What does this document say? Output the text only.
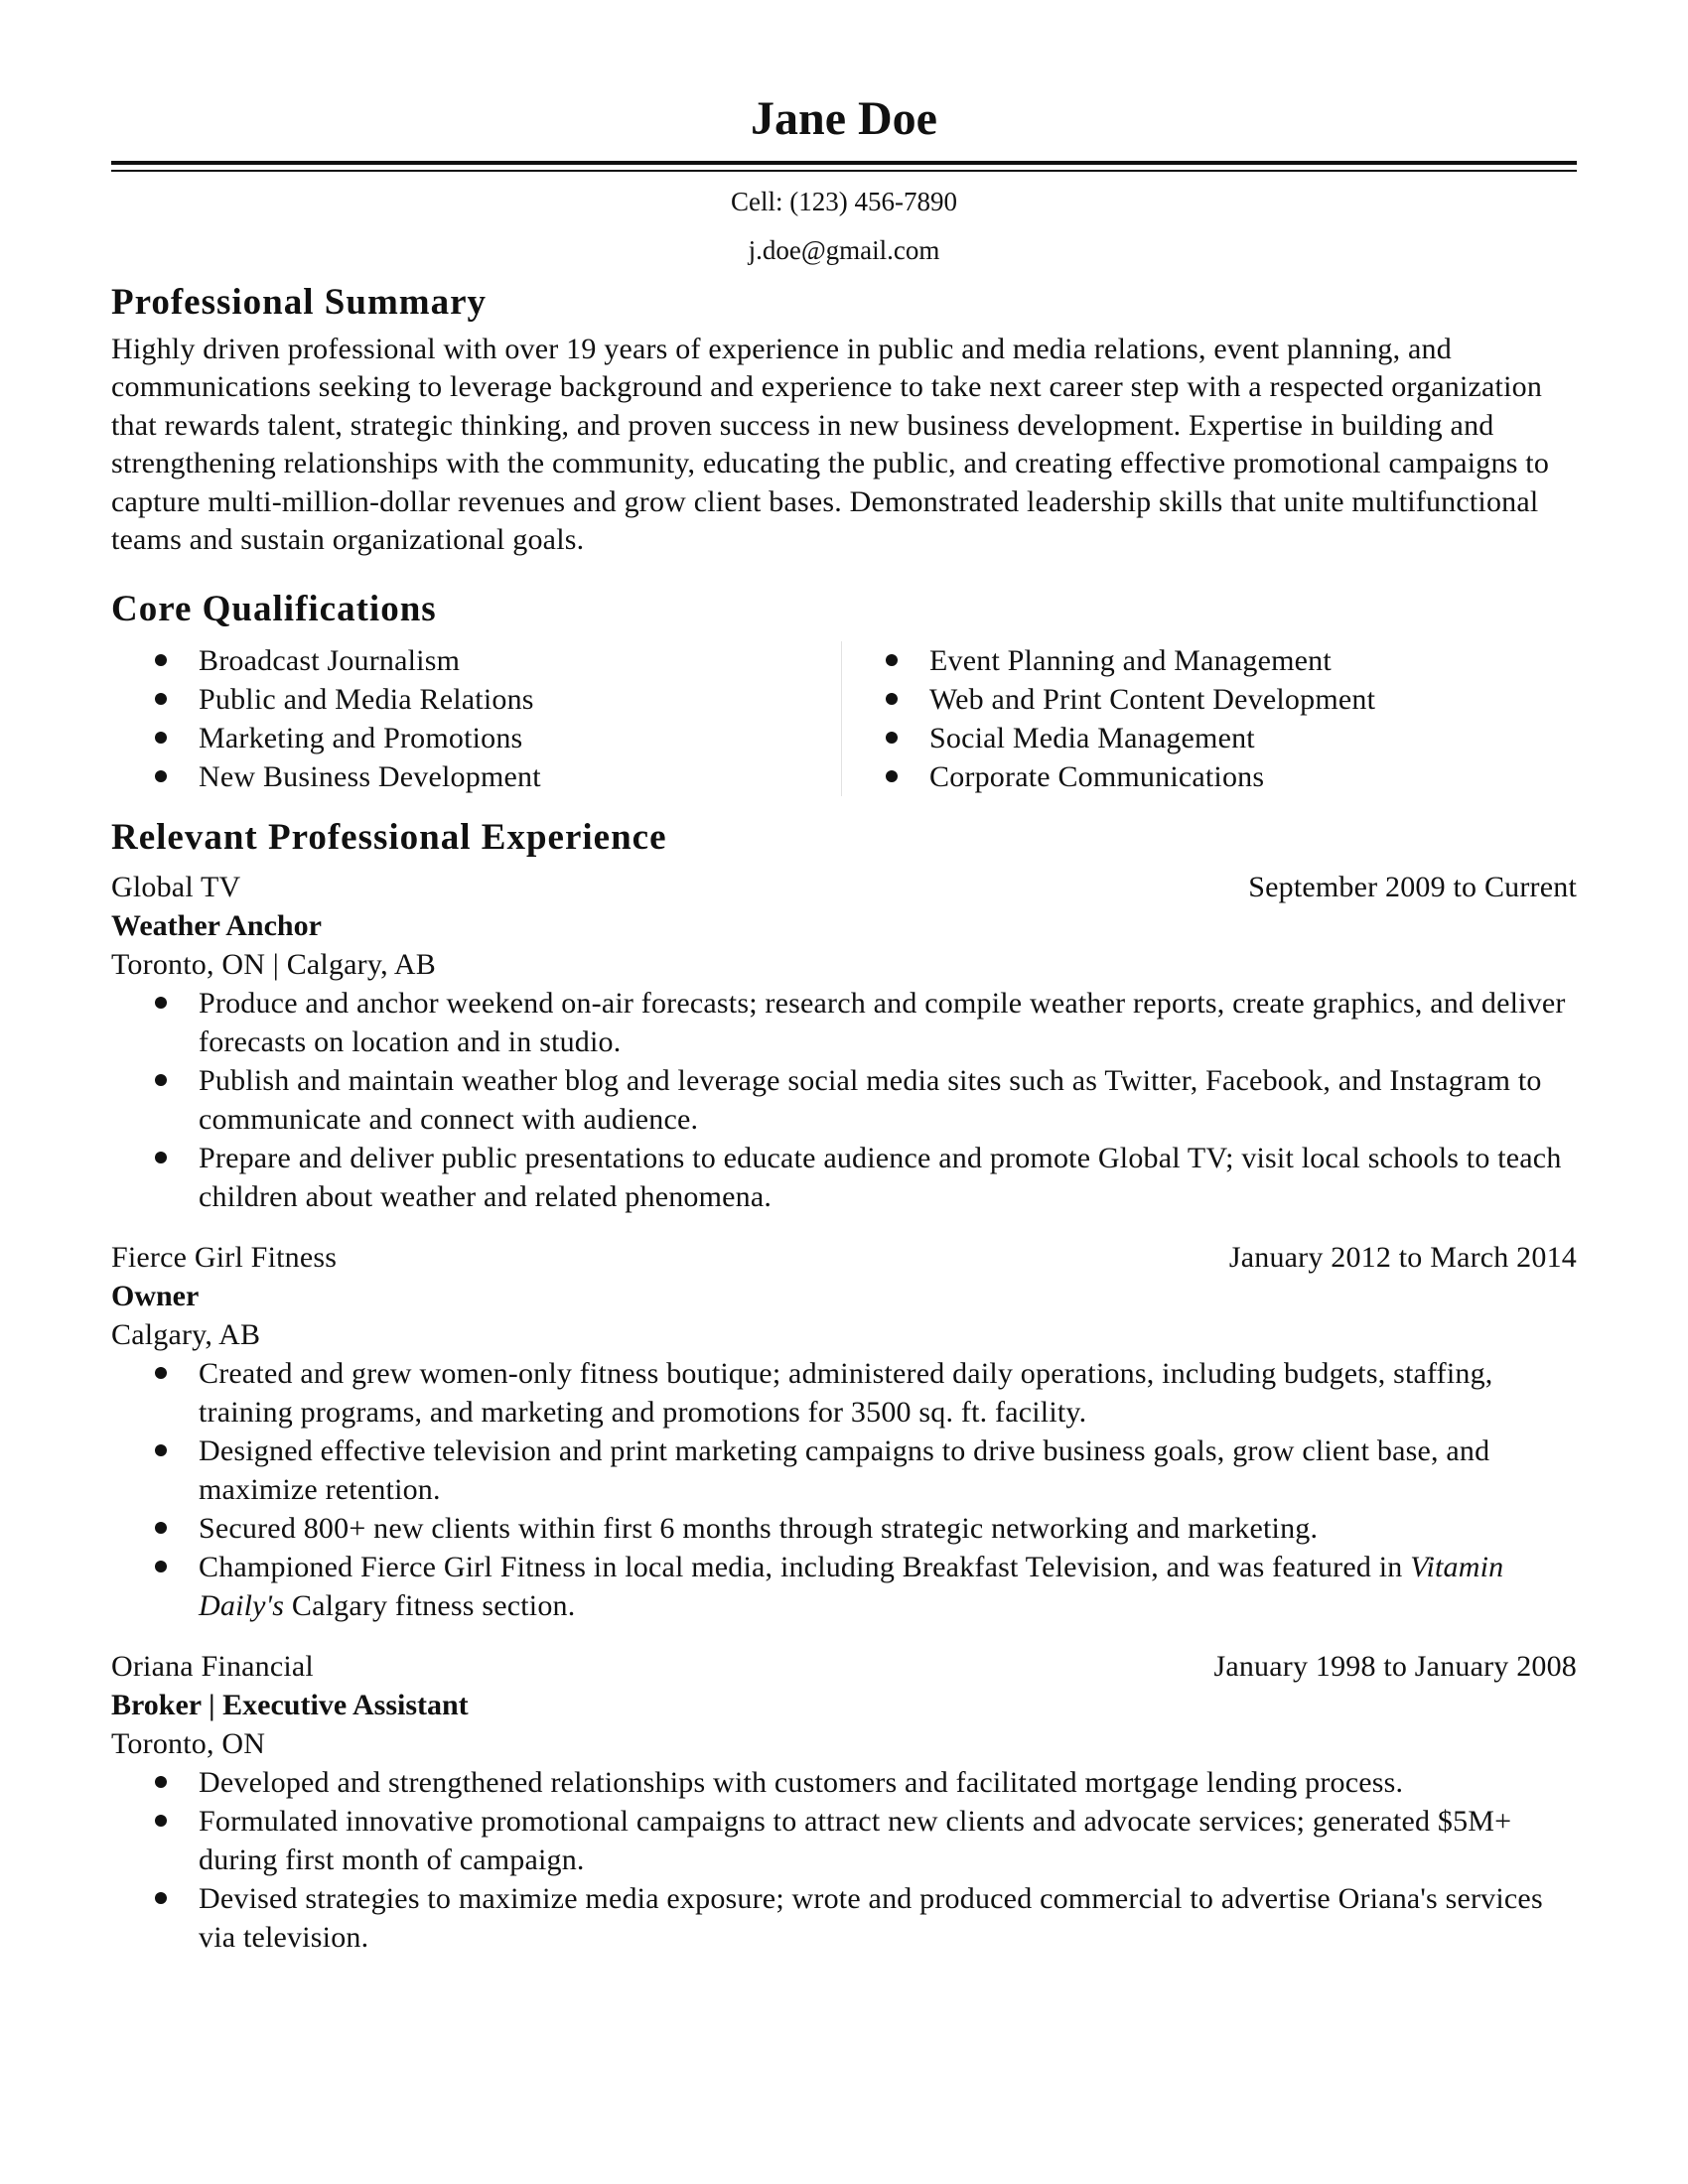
Jane Doe
Cell: (123) 456-7890
j.doe@gmail.com
Professional Summary
Highly driven professional with over 19 years of experience in public and media relations, event planning, and communications seeking to leverage background and experience to take next career step with a respected organization that rewards talent, strategic thinking, and proven success in new business development. Expertise in building and strengthening relationships with the community, educating the public, and creating effective promotional campaigns to capture multi-million-dollar revenues and grow client bases. Demonstrated leadership skills that unite multifunctional teams and sustain organizational goals.
Core Qualifications
Broadcast Journalism
Public and Media Relations
Marketing and Promotions
New Business Development
Event Planning and Management
Web and Print Content Development
Social Media Management
Corporate Communications
Relevant Professional Experience
Global TV	September 2009 to Current
Weather Anchor
Toronto, ON | Calgary, AB
Produce and anchor weekend on-air forecasts; research and compile weather reports, create graphics, and deliver forecasts on location and in studio.
Publish and maintain weather blog and leverage social media sites such as Twitter, Facebook, and Instagram to communicate and connect with audience.
Prepare and deliver public presentations to educate audience and promote Global TV; visit local schools to teach children about weather and related phenomena.
Fierce Girl Fitness	January 2012 to March 2014
Owner
Calgary, AB
Created and grew women-only fitness boutique; administered daily operations, including budgets, staffing, training programs, and marketing and promotions for 3500 sq. ft. facility.
Designed effective television and print marketing campaigns to drive business goals, grow client base, and maximize retention.
Secured 800+ new clients within first 6 months through strategic networking and marketing.
Championed Fierce Girl Fitness in local media, including Breakfast Television, and was featured in Vitamin Daily's Calgary fitness section.
Oriana Financial	January 1998 to January 2008
Broker | Executive Assistant
Toronto, ON
Developed and strengthened relationships with customers and facilitated mortgage lending process.
Formulated innovative promotional campaigns to attract new clients and advocate services; generated $5M+ during first month of campaign.
Devised strategies to maximize media exposure; wrote and produced commercial to advertise Oriana's services via television.
